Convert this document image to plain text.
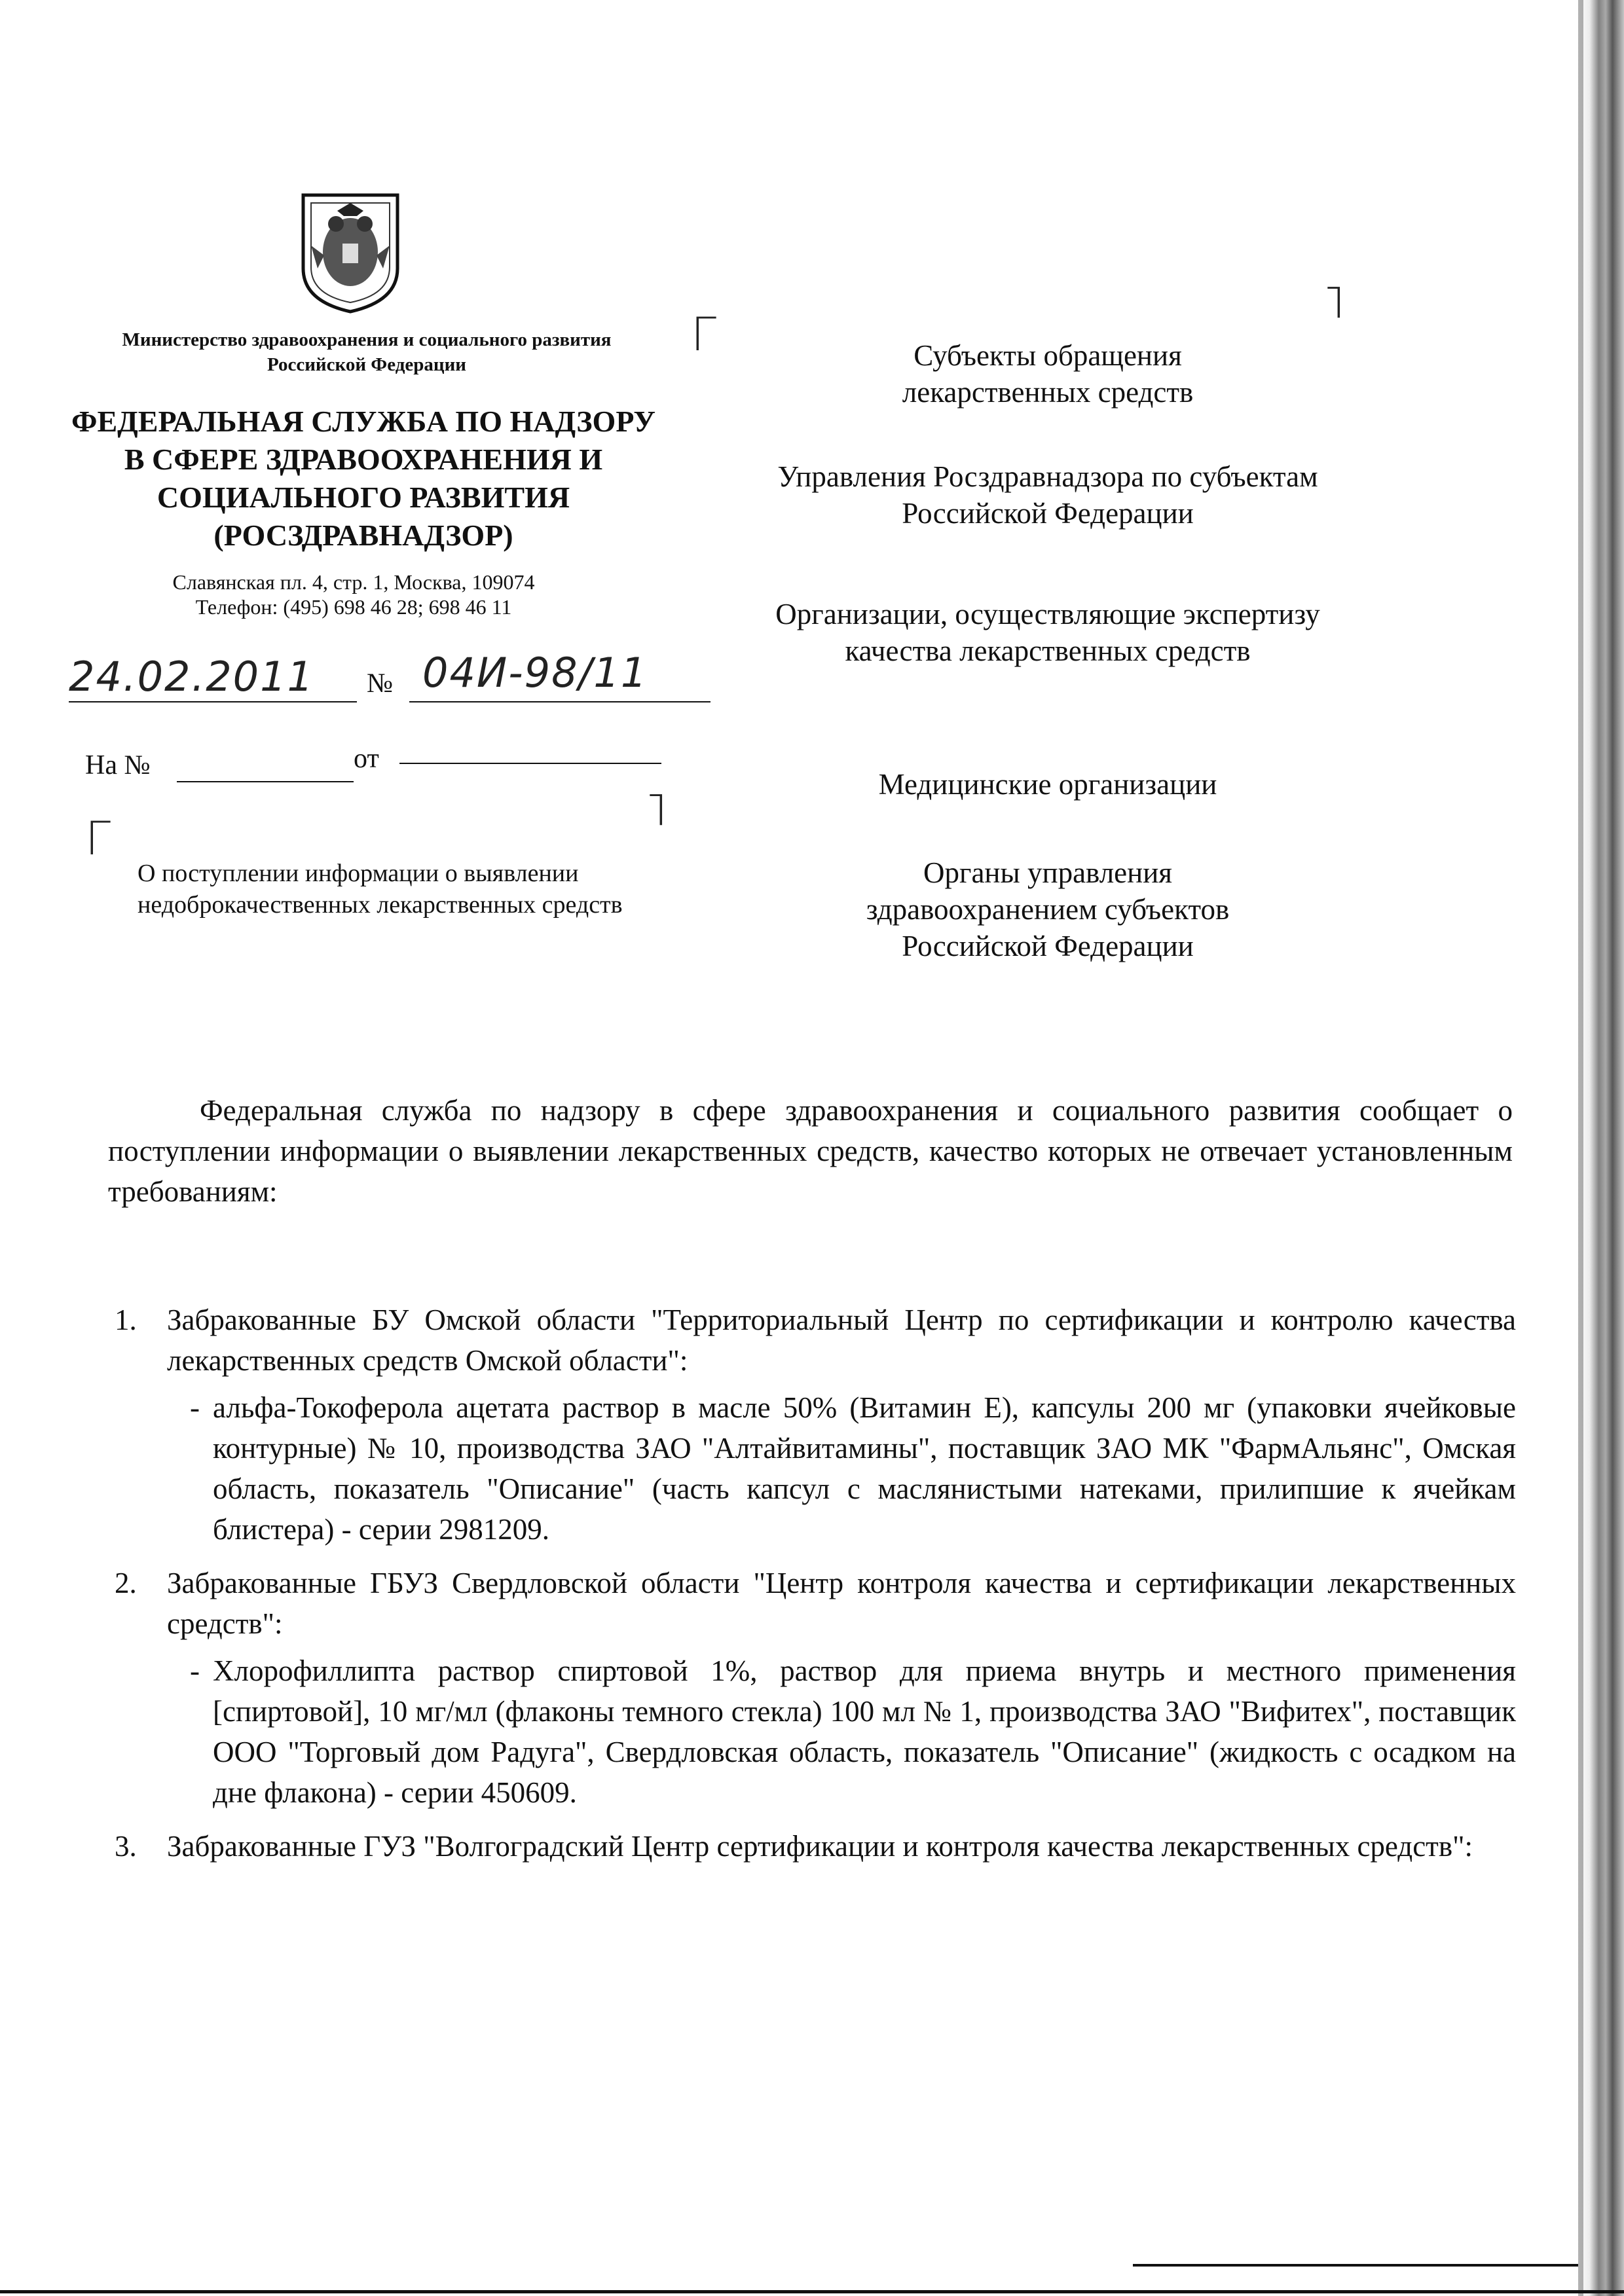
Министерство здравоохранения и социального развития Российской Федерации
ФЕДЕРАЛЬНАЯ СЛУЖБА ПО НАДЗОРУ
В СФЕРЕ ЗДРАВООХРАНЕНИЯ И
СОЦИАЛЬНОГО РАЗВИТИЯ
(РОСЗДРАВНАДЗОР)
Славянская пл. 4, стр. 1, Москва, 109074
Телефон: (495) 698 46 28; 698 46 11
24.02.2011 № 04И-98/11
На №	от
Γ
˥
Γ
˥
О поступлении информации о выявлении недоброкачественных лекарственных средств
Субъекты обращения лекарственных средств
Управления Росздравнадзора по субъектам Российской Федерации
Организации, осуществляющие экспертизу качества лекарственных средств
Медицинские организации
Органы управления здравоохранением субъектов Российской Федерации
Федеральная служба по надзору в сфере здравоохранения и социального развития сообщает о поступлении информации о выявлении лекарственных средств, качество которых не отвечает установленным требованиям:
1. Забракованные БУ Омской области "Территориальный Центр по сертификации и контролю качества лекарственных средств Омской области":
- альфа-Токоферола ацетата раствор в масле 50% (Витамин Е), капсулы 200 мг (упаковки ячейковые контурные) № 10, производства ЗАО "Алтайвитамины", поставщик ЗАО МК "ФармАльянс", Омская область, показатель "Описание" (часть капсул с маслянистыми натеками, прилипшие к ячейкам блистера) - серии 2981209.
2. Забракованные ГБУЗ Свердловской области "Центр контроля качества и сертификации лекарственных средств":
- Хлорофиллипта раствор спиртовой 1%, раствор для приема внутрь и местного применения [спиртовой], 10 мг/мл (флаконы темного стекла) 100 мл № 1, производства ЗАО "Вифитех", поставщик ООО "Торговый дом Радуга", Свердловская область, показатель "Описание" (жидкость с осадком на дне флакона) - серии 450609.
3. Забракованные ГУЗ "Волгоградский Центр сертификации и контроля качества лекарственных средств":
